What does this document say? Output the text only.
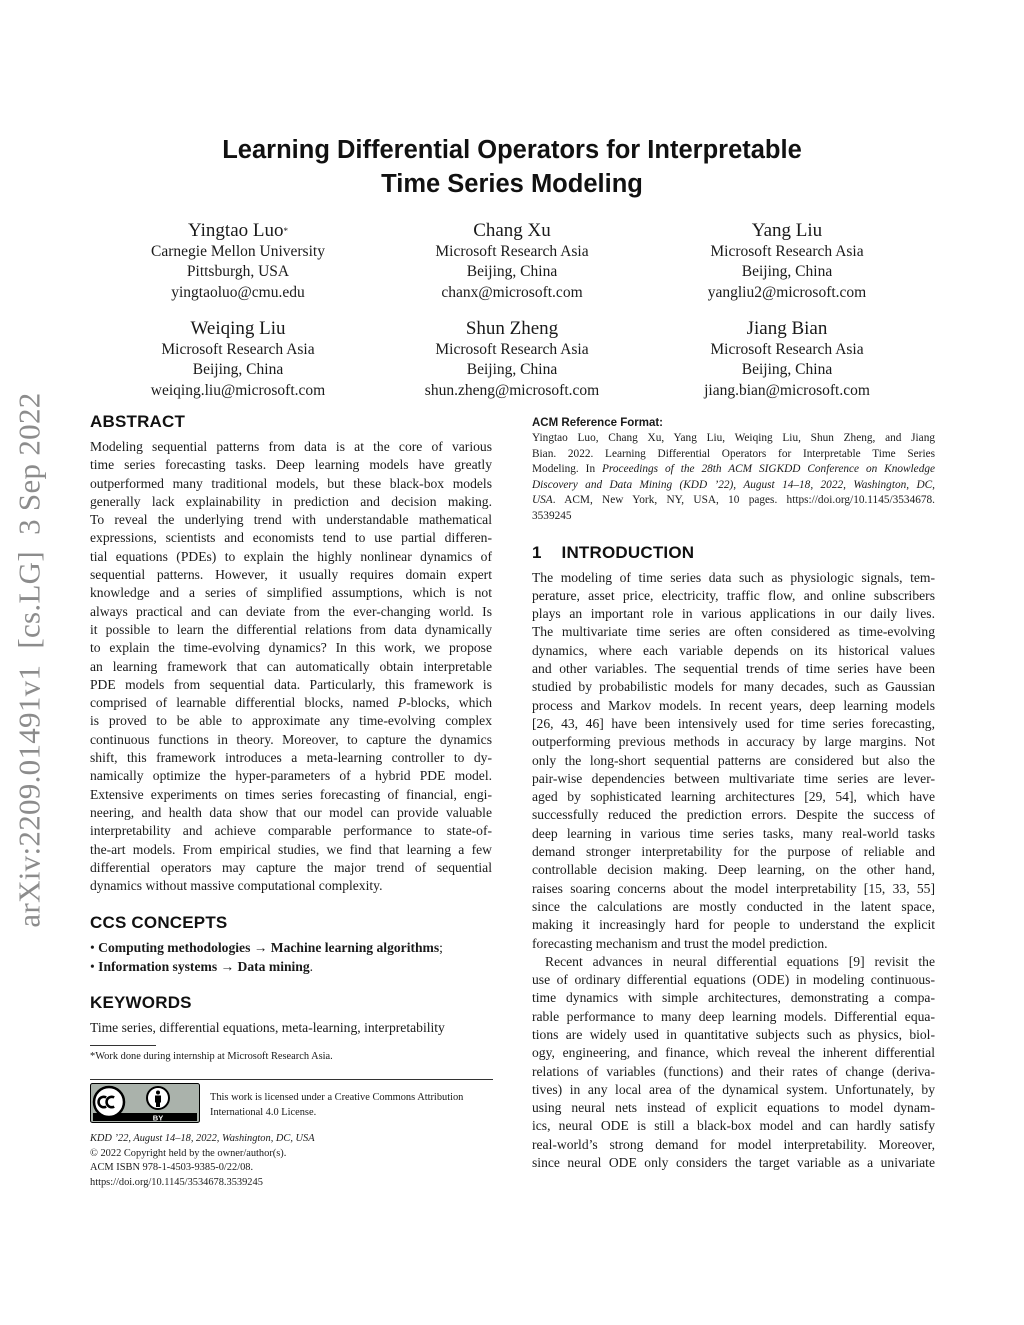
arXiv:2209.01491v1  [cs.LG]  3 Sep 2022
Learning Differential Operators for Interpretable
Time Series Modeling
Yingtao Luo*
Carnegie Mellon University
Pittsburgh, USA
yingtaoluo@cmu.edu
Chang Xu
Microsoft Research Asia
Beijing, China
chanx@microsoft.com
Yang Liu
Microsoft Research Asia
Beijing, China
yangliu2@microsoft.com
Weiqing Liu
Microsoft Research Asia
Beijing, China
weiqing.liu@microsoft.com
Shun Zheng
Microsoft Research Asia
Beijing, China
shun.zheng@microsoft.com
Jiang Bian
Microsoft Research Asia
Beijing, China
jiang.bian@microsoft.com
ABSTRACT
Modeling sequential patterns from data is at the core of various
time series forecasting tasks. Deep learning models have greatly
outperformed many traditional models, but these black-box models
generally lack explainability in prediction and decision making.
To reveal the underlying trend with understandable mathematical
expressions, scientists and economists tend to use partial differen-
tial equations (PDEs) to explain the highly nonlinear dynamics of
sequential patterns. However, it usually requires domain expert
knowledge and a series of simplified assumptions, which is not
always practical and can deviate from the ever-changing world. Is
it possible to learn the differential relations from data dynamically
to explain the time-evolving dynamics? In this work, we propose
an learning framework that can automatically obtain interpretable
PDE models from sequential data. Particularly, this framework is
comprised of learnable differential blocks, named P-blocks, which
is proved to be able to approximate any time-evolving complex
continuous functions in theory. Moreover, to capture the dynamics
shift, this framework introduces a meta-learning controller to dy-
namically optimize the hyper-parameters of a hybrid PDE model.
Extensive experiments on times series forecasting of financial, engi-
neering, and health data show that our model can provide valuable
interpretability and achieve comparable performance to state-of-
the-art models. From empirical studies, we find that learning a few
differential operators may capture the major trend of sequential
dynamics without massive computational complexity.
CCS CONCEPTS
• Computing methodologies → Machine learning algorithms;
• Information systems → Data mining.
KEYWORDS
Time series, differential equations, meta-learning, interpretability
*Work done during internship at Microsoft Research Asia.
BY
This work is licensed under a Creative Commons Attribution
International 4.0 License.
KDD ’22, August 14–18, 2022, Washington, DC, USA
© 2022 Copyright held by the owner/author(s).
ACM ISBN 978-1-4503-9385-0/22/08.
https://doi.org/10.1145/3534678.3539245
ACM Reference Format:
Yingtao Luo, Chang Xu, Yang Liu, Weiqing Liu, Shun Zheng, and Jiang
Bian. 2022. Learning Differential Operators for Interpretable Time Series
Modeling. In Proceedings of the 28th ACM SIGKDD Conference on Knowledge
Discovery and Data Mining (KDD ’22), August 14–18, 2022, Washington, DC,
USA. ACM, New York, NY, USA, 10 pages. https://doi.org/10.1145/3534678.
3539245
1 INTRODUCTION
The modeling of time series data such as physiologic signals, tem-
perature, asset price, electricity, traffic flow, and online subscribers
plays an important role in various applications in our daily lives.
The multivariate time series are often considered as time-evolving
dynamics, where each variable depends on its historical values
and other variables. The sequential trends of time series have been
studied by probabilistic models for many decades, such as Gaussian
process and Markov models. In recent years, deep learning models
[26, 43, 46] have been intensively used for time series forecasting,
outperforming previous methods in accuracy by large margins. Not
only the long-short sequential patterns are considered but also the
pair-wise dependencies between multivariate time series are lever-
aged by sophisticated learning architectures [29, 54], which have
successfully reduced the prediction errors. Despite the success of
deep learning in various time series tasks, many real-world tasks
demand stronger interpretability for the purpose of reliable and
controllable decision making. Deep learning, on the other hand,
raises soaring concerns about the model interpretability [15, 33, 55]
since the calculations are mostly conducted in the latent space,
making it increasingly hard for people to understand the explicit
forecasting mechanism and trust the model prediction.
Recent advances in neural differential equations [9] revisit the
use of ordinary differential equations (ODE) in modeling continuous-
time dynamics with simple architectures, demonstrating a compa-
rable performance to many deep learning models. Differential equa-
tions are widely used in quantitative subjects such as physics, biol-
ogy, engineering, and finance, which reveal the inherent differential
relations of variables (functions) and their rates of change (deriva-
tives) in any local area of the dynamical system. Unfortunately, by
using neural nets instead of explicit equations to model dynam-
ics, neural ODE is still a black-box model and can hardly satisfy
real-world’s strong demand for model interpretability. Moreover,
since neural ODE only considers the target variable as a univariate
